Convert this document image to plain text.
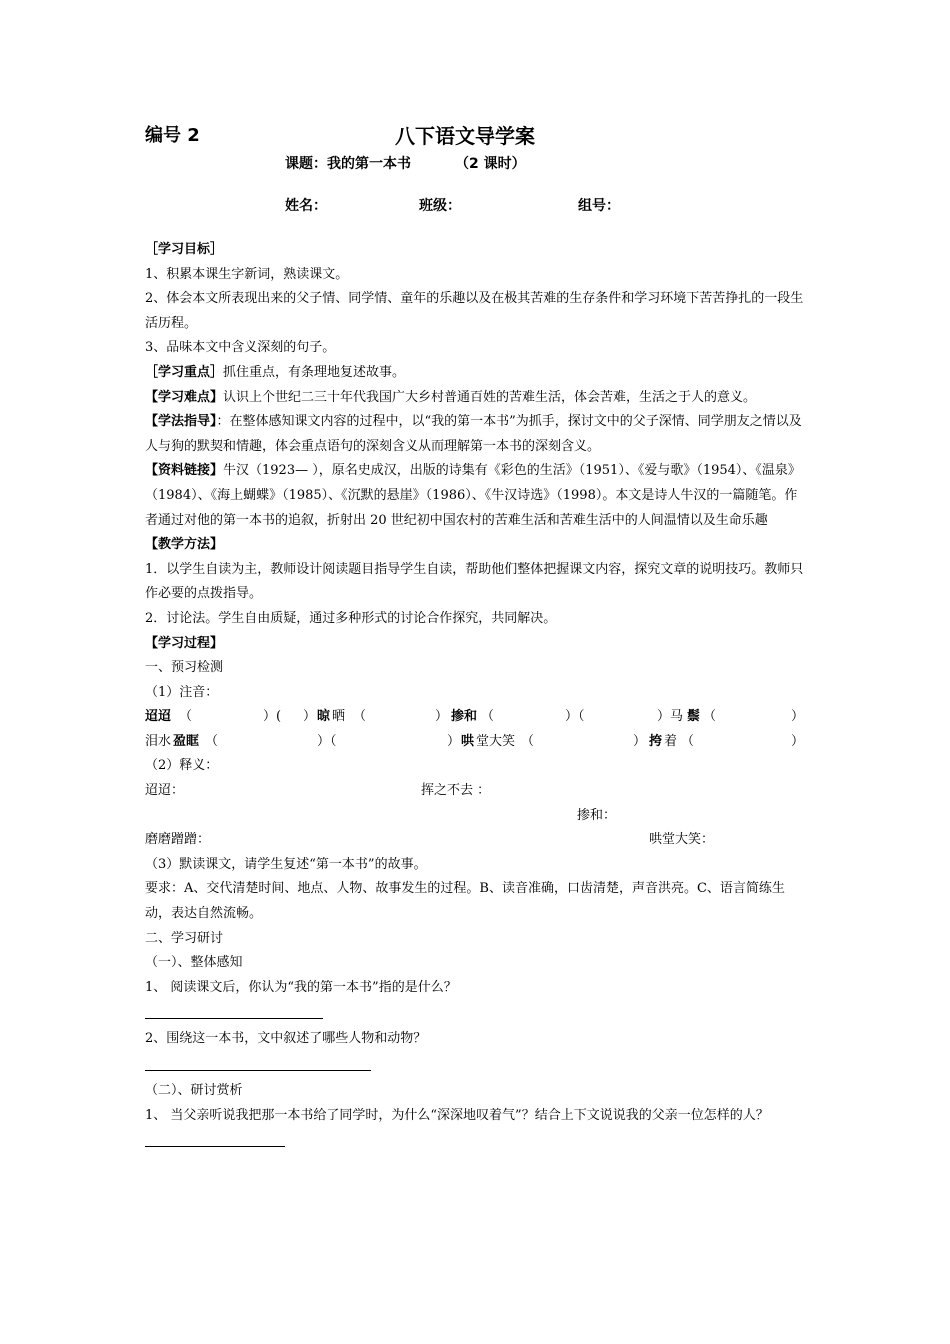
编号 2	八下语文导学案
课题：我的第一本书	（2 课时）
姓名：	班级：	组号：

［学习目标］

1、积累本课生字新词，熟读课文。

2、体会本文所表现出来的父子情、同学情、童年的乐趣以及在极其苦难的生存条件和学习环境下苦苦挣扎的一段生活历程。

3、品味本文中含义深刻的句子。

［学习重点］抓住重点，有条理地复述故事。

【学习难点】认识上个世纪二三十年代我国广大乡村普通百姓的苦难生活，体会苦难，生活之于人的意义。

【学法指导】：在整体感知课文内容的过程中，以“我的第一本书”为抓手，探讨文中的父子深情、同学朋友之情以及人与狗的默契和情趣，体会重点语句的深刻含义从而理解第一本书的深刻含义。

【资料链接】牛汉（1923— ），原名史成汉，出版的诗集有《彩色的生活》（1951）、《爱与歌》（1954）、《温泉》（1984）、《海上蝴蝶》（1985）、《沉默的悬崖》（1986）、《牛汉诗选》（1998）。本文是诗人牛汉的一篇随笔。作者通过对他的第一本书的追叙，折射出 20 世纪初中国农村的苦难生活和苦难生活中的人间温情以及生命乐趣

【教学方法】

1．以学生自读为主，教师设计阅读题目指导学生自读，帮助他们整体把握课文内容，探究文章的说明技巧。教师只作必要的点拨指导。

2．讨论法。学生自由质疑，通过多种形式的讨论合作探究，共同解决。

【学习过程】

一、预习检测

（1）注音：

迢迢 （	）( ） 晾 晒 （	） 掺和 （	）（	）马 鬃 （	）
泪水 盈眶 （	）（	） 哄 堂大笑 （	） 挎 着 （	）

（2）释义：

迢迢：	挥之不去 ：
掺和：
磨磨蹭蹭：	哄堂大笑：

（3）默读课文，请学生复述“第一本书”的故事。

要求：A、交代清楚时间、地点、人物、故事发生的过程。B、读音准确，口齿清楚，声音洪亮。C、语言简练生动，表达自然流畅。

二、学习研讨

（一）、整体感知

1、 阅读课文后，你认为“我的第一本书”指的是什么？

2、围绕这一本书，文中叙述了哪些人物和动物？

（二）、研讨赏析

1、 当父亲听说我把那一本书给了同学时，为什么“深深地叹着气”？结合上下文说说我的父亲一位怎样的人？
